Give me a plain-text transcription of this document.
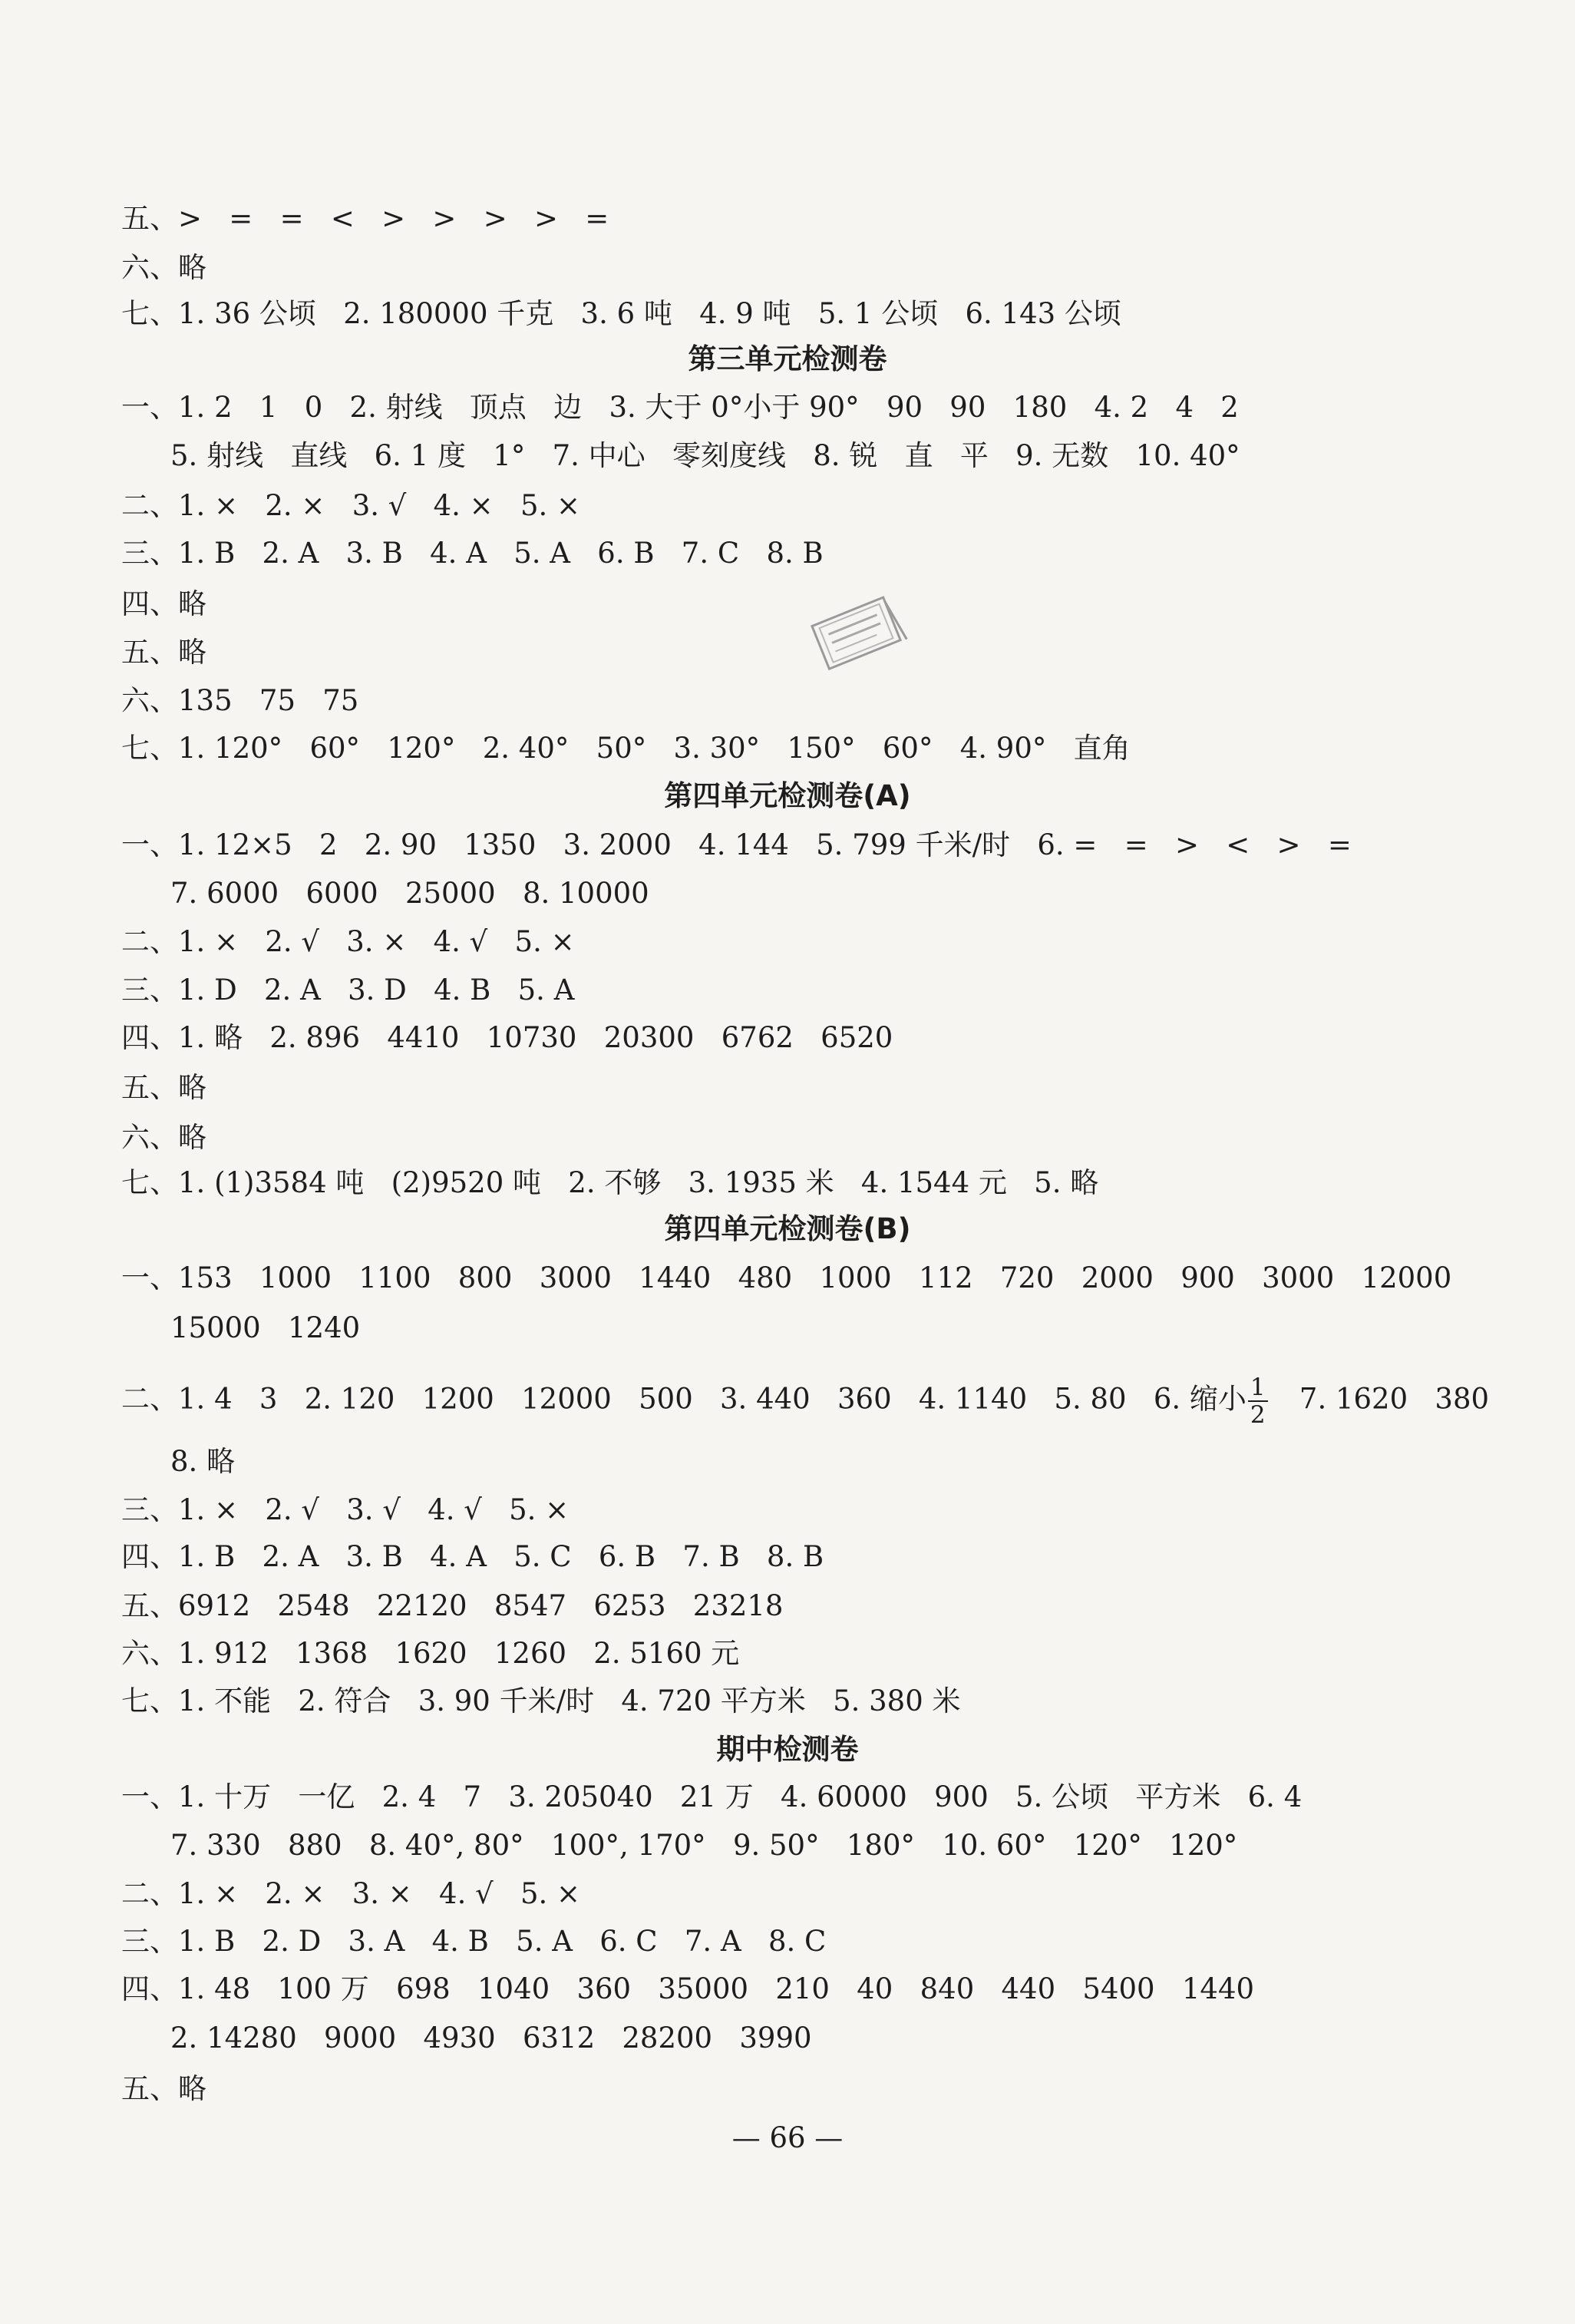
五、>   =   =   <   >   >   >   >   =
六、略
七、1. 36 公顷   2. 180000 千克   3. 6 吨   4. 9 吨   5. 1 公顷   6. 143 公顷
第三单元检测卷
一、1. 2   1   0   2. 射线   顶点   边   3. 大于 0°小于 90°   90   90   180   4. 2   4   2
5. 射线   直线   6. 1 度   1°   7. 中心   零刻度线   8. 锐   直   平   9. 无数   10. 40°
二、1. ×   2. ×   3. √   4. ×   5. ×
三、1. B   2. A   3. B   4. A   5. A   6. B   7. C   8. B
四、略
五、略
六、135   75   75
七、1. 120°   60°   120°   2. 40°   50°   3. 30°   150°   60°   4. 90°   直角
第四单元检测卷(A)
一、1. 12×5   2   2. 90   1350   3. 2000   4. 144   5. 799 千米/时   6. =   =   >   <   >   =
7. 6000   6000   25000   8. 10000
二、1. ×   2. √   3. ×   4. √   5. ×
三、1. D   2. A   3. D   4. B   5. A
四、1. 略   2. 896   4410   10730   20300   6762   6520
五、略
六、略
七、1. (1)3584 吨   (2)9520 吨   2. 不够   3. 1935 米   4. 1544 元   5. 略
第四单元检测卷(B)
一、153   1000   1100   800   3000   1440   480   1000   112   720   2000   900   3000   12000
15000   1240
二、1. 4   3   2. 120   1200   12000   500   3. 440   360   4. 1140   5. 80   6. 缩小 $\frac{1}{2} 7$. 1620   380
8. 略
三、1. ×   2. √   3. √   4. √   5. ×
四、1. B   2. A   3. B   4. A   5. C   6. B   7. B   8. B
五、6912   2548   22120   8547   6253   23218
六、1. 912   1368   1620   1260   2. 5160 元
七、1. 不能   2. 符合   3. 90 千米/时   4. 720 平方米   5. 380 米
期中检测卷
一、1. 十万   一亿   2. 4   7   3. 205040   21 万   4. 60000   900   5. 公顷   平方米   6. 4
7. 330   880   8. 40°, 80°   100°, 170°   9. 50°   180°   10. 60°   120°   120°
二、1. ×   2. ×   3. ×   4. √   5. ×
三、1. B   2. D   3. A   4. B   5. A   6. C   7. A   8. C
四、1. 48   100 万   698   1040   360   35000   210   40   840   440   5400   1440
2. 14280   9000   4930   6312   28200   3990
五、略
— 66 —
